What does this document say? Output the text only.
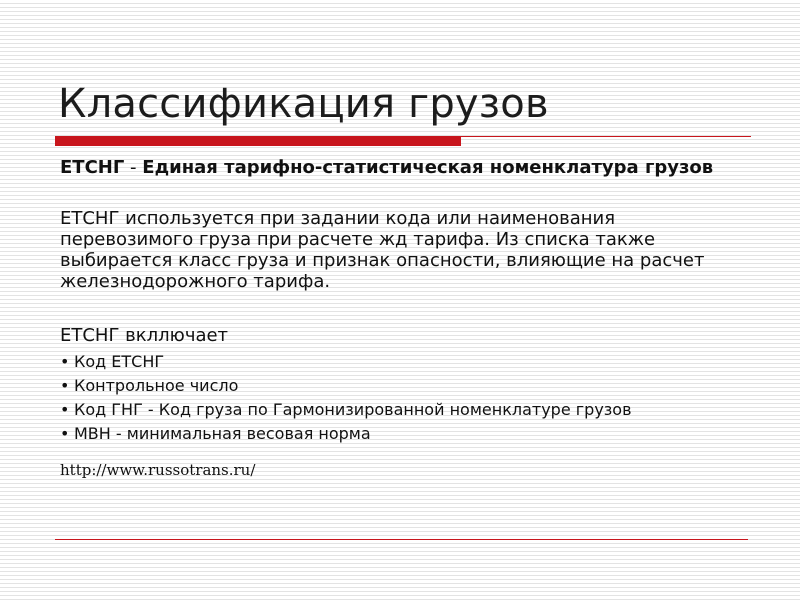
Классификация грузов

ЕТСНГ - Единая тарифно-статистическая номенклатура грузов

ЕТСНГ используется при задании кода или наименования перевозимого груза при расчете жд тарифа. Из списка также выбирается класс груза и признак опасности, влияющие на расчет железнодорожного тарифа.

ЕТСНГ вкллючает

• Код ЕТСНГ
• Контрольное число
• Код ГНГ - Код груза по Гармонизированной номенклатуре грузов
• МВН - минимальная весовая норма
http://www.russotrans.ru/
